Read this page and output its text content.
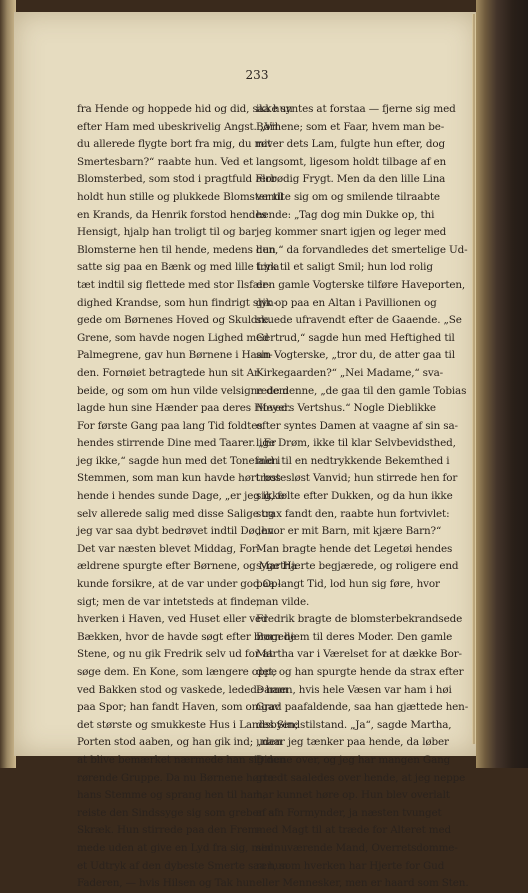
233
fra Hende og hoppede hid og did, saa hun
efter Ham med ubeskrivelig Angst. „Vil
du allerede flygte bort fra mig, du mit
Smertesbarn?“ raabte hun. Ved et
Blomsterbed, som stod i pragtfuld Flor
holdt hun stille og plukkede Blomster til
en Krands, da Henrik forstod hendes
Hensigt, hjalp han troligt til og bar
Blomsterne hen til hende, medens hun
satte sig paa en Bænk og med lille Lina
tæt indtil sig flettede med stor Ilsfær-
dighed Krandse, som hun findrigt slyn-
gede om Børnenes Hoved og Skuldre.
Grene, som havde nogen Lighed med
Palmegrene, gav hun Børnene i Haan-
den. Fornøiet betragtede hun sit Ar-
beide, og som om hun vilde velsigne dem
lagde hun sine Hænder paa deres Hoved.
For første Gang paa lang Tid foldtes
hendes stirrende Dine med Taarer. „Er
jeg ikke,“ sagde hun med det Tonefald i
Stemmen, som man kun havde hørt hos
hende i hendes sunde Dage, „er jeg ikke
selv allerede salig med disse Salige og
jeg var saa dybt bedrøvet indtil Døden.
Det var næsten blevet Middag, For-
ældrene spurgte efter Børnene, og Martha
kunde forsikre, at de var under god Op-
sigt; men de var intetsteds at finde,
hverken i Haven, ved Huset eller ved
Bækken, hvor de havde søgt efter brogede
Stene, og nu gik Fredrik selv ud for at
søge dem. En Kone, som længere oppe
ved Bakken stod og vaskede, ledede ham
paa Spor; han fandt Haven, som omgav
det største og smukkeste Hus i Landsbyen;
Porten stod aaben, og han gik ind; uden
at blive bemærket nærmede han sig den
rørende Gruppe. Da nu Børnene hørte
hans Stemme og sprang hen til ham,
reiste den Sindssyge sig som greben af
Skræk. Hun stirrede paa den Frem-
mede uden at give en Lyd fra sig, med
et Udtryk af den dybeste Smerte saa hun
Faderen, — hvis Hilsen og Tak hun
ikke syntes at forstaa — fjerne sig med
Børnene; som et Faar, hvem man be-
røver dets Lam, fulgte hun efter, dog
langsomt, ligesom holdt tilbage af en
ærbødig Frygt. Men da den lille Lina
vendte sig om og smilende tilraabte
hende: „Tag dog min Dukke op, thi
jeg kommer snart igjen og leger med
den,“ da forvandledes det smertelige Ud-
tryk til et saligt Smil; hun lod rolig
den gamle Vogterske tilføre Haveporten,
gik op paa en Altan i Pavillionen og
skuede ufravendt efter de Gaaende. „Se
Gertrud,“ sagde hun med Heftighed til
sin Vogterske, „tror du, de atter gaa til
Kirkegaarden?“ „Nei Madame,“ sva-
rede denne, „de gaa til den gamle Tobias
Meyers Vertshus.“ Nogle Dieblikke
efter syntes Damen at vaagne af sin sa-
lige Drøm, ikke til klar Selvbevidsthed,
men til en nedtrykkende Bekemthed i
trøstesløst Vanvid; hun stirrede hen for
sig, følte efter Dukken, og da hun ikke
strax fandt den, raabte hun fortvivlet:
„hvor er mit Barn, mit kjære Barn?“
Man bragte hende det Legetøi hendes
syge Hjerte begjærede, og roligere end
paa langt Tid, lod hun sig føre, hvor
man vilde.
Fredrik bragte de blomsterbekrandsede
Børn hjem til deres Moder. Den gamle
Martha var i Værelset for at dække Bor-
det, og han spurgte hende da strax efter
Damen, hvis hele Væsen var ham i høi
Grad paafaldende, saa han gjættede hen-
des Sindstilstand. „Ja“, sagde Martha,
„naar jeg tænker paa hende, da løber
Dinene over, og jeg har mangen Gang
grædt saaledes over hende, at jeg neppe
har kunnet høre op. Hun blev overlalt
af sin Formynder, ja næsten tvunget
med Magt til at træde for Alteret med
sin nuværende Mand, Overretsdomme-
ren, som hverken har Hjerte for Gud
eller Mennesker, men er haard som Sten.
